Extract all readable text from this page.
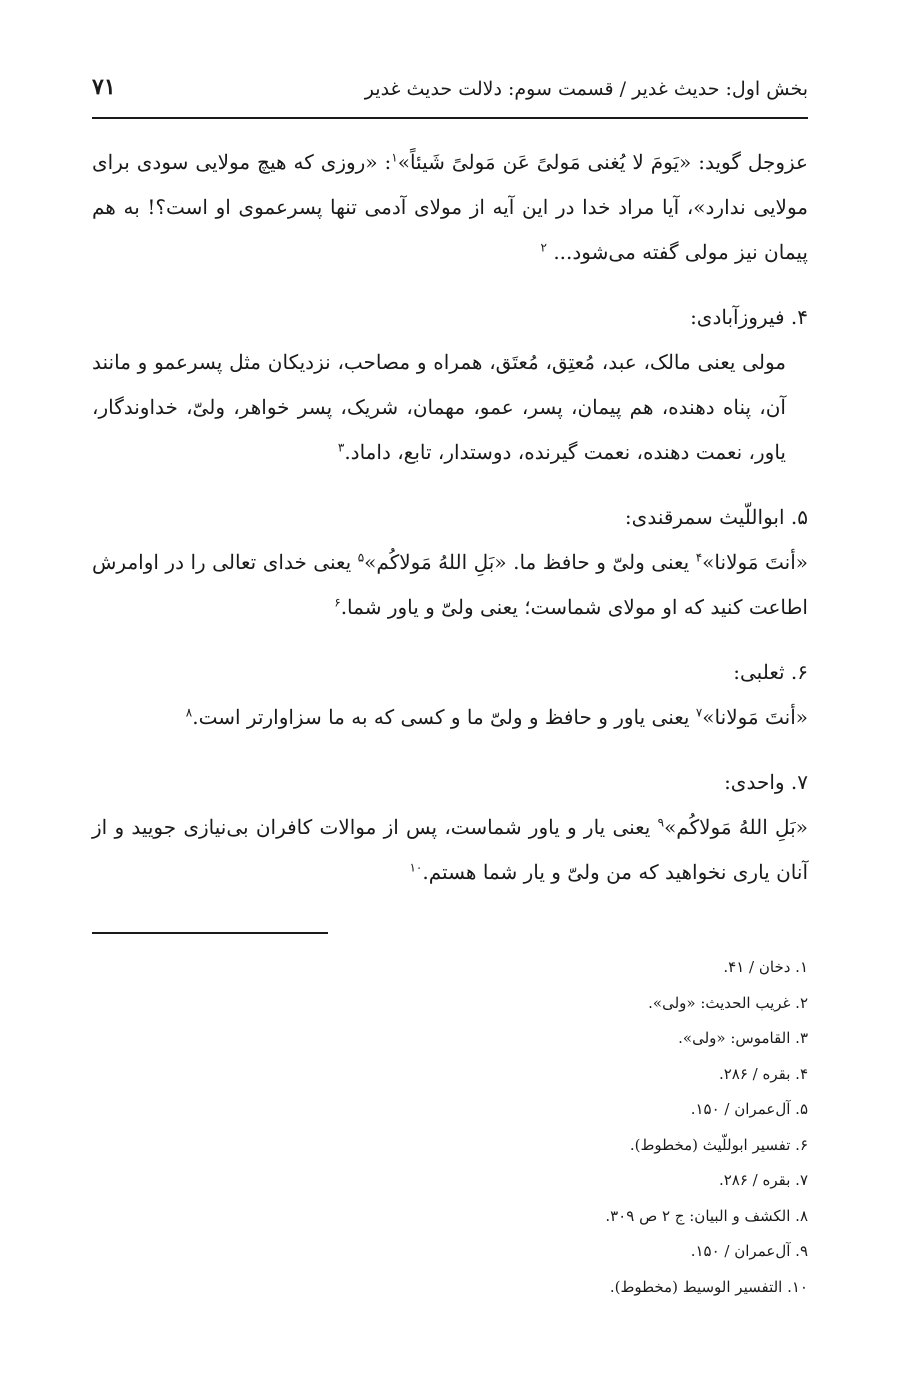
بخش اول: حدیث غدیر / قسمت سوم: دلالت حدیث غدیر
۷۱

عزوجل گوید: «یَومَ لا یُغنی مَولیً عَن مَولیً شَیئاً»$^۱$: «روزی که هیچ مولایی سودی برای مولایی ندارد»، آیا مراد خدا در این آیه از مولای آدمی تنها پسرعموی او است؟! به هم پیمان نیز مولی گفته می‌شود... $^۲$

۴. فیروزآبادی:

مولی یعنی مالک، عبد، مُعتِق، مُعتَق، همراه و مصاحب، نزدیکان مثل پسرعمو و مانند آن، پناه دهنده، هم پیمان، پسر، عمو، مهمان، شریک، پسر خواهر، ولیّ، خداوندگار، یاور، نعمت دهنده، نعمت گیرنده، دوستدار، تابع، داماد.$^۳$

۵. ابواللّیث سمرقندی:

«أنتَ مَولانا»$^۴$ یعنی ولیّ و حافظ ما. «بَلِ اللهُ مَولاکُم»$^۵$ یعنی خدای تعالی را در اوامرش اطاعت کنید که او مولای شماست؛ یعنی ولیّ و یاور شما.$^۶$

۶. ثعلبی:

«أنتَ مَولانا»$^۷$ یعنی یاور و حافظ و ولیّ ما و کسی که به ما سزاوارتر است.$^۸$

۷. واحدی:

«بَلِ اللهُ مَولاکُم»$^۹$ یعنی یار و یاور شماست، پس از موالات کافران بی‌نیازی جویید و از آنان یاری نخواهید که من ولیّ و یار شما هستم.$^{۱۰}$

۱. دخان / ۴۱.
۲. غریب الحدیث: «ولی».
۳. القاموس: «ولی».
۴. بقره / ۲۸۶.
۵. آل‌عمران / ۱۵۰.
۶. تفسیر ابوللّیث (مخطوط).
۷. بقره / ۲۸۶.
۸. الکشف و البیان: ج ۲ ص ۳۰۹.
۹. آل‌عمران / ۱۵۰.
۱۰. التفسیر الوسیط (مخطوط).
